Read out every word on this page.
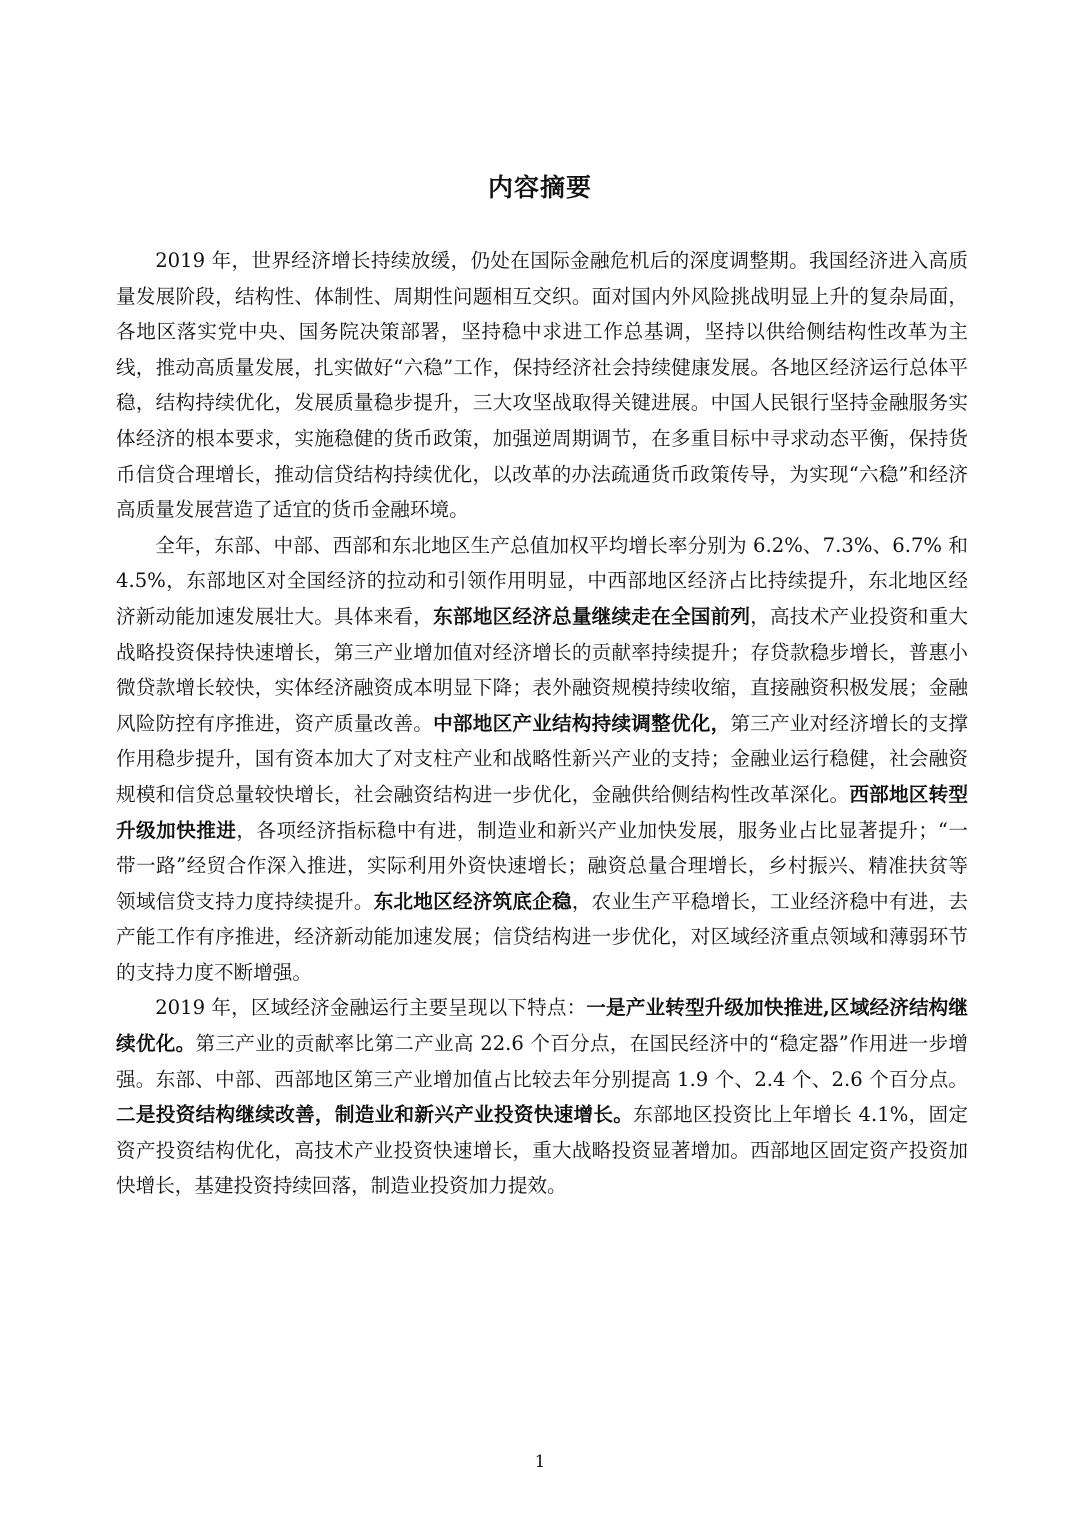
内容摘要

2019 年，世界经济增长持续放缓，仍处在国际金融危机后的深度调整期。我国经济进入高质量发展阶段，结构性、体制性、周期性问题相互交织。面对国内外风险挑战明显上升的复杂局面，各地区落实党中央、国务院决策部署，坚持稳中求进工作总基调，坚持以供给侧结构性改革为主线，推动高质量发展，扎实做好“六稳”工作，保持经济社会持续健康发展。各地区经济运行总体平稳，结构持续优化，发展质量稳步提升，三大攻坚战取得关键进展。中国人民银行坚持金融服务实体经济的根本要求，实施稳健的货币政策，加强逆周期调节，在多重目标中寻求动态平衡，保持货币信贷合理增长，推动信贷结构持续优化，以改革的办法疏通货币政策传导，为实现“六稳”和经济高质量发展营造了适宜的货币金融环境。

全年，东部、中部、西部和东北地区生产总值加权平均增长率分别为 6.2%、7.3%、6.7% 和 4.5%，东部地区对全国经济的拉动和引领作用明显，中西部地区经济占比持续提升，东北地区经济新动能加速发展壮大。具体来看，东部地区经济总量继续走在全国前列，高技术产业投资和重大战略投资保持快速增长，第三产业增加值对经济增长的贡献率持续提升；存贷款稳步增长，普惠小微贷款增长较快，实体经济融资成本明显下降；表外融资规模持续收缩，直接融资积极发展；金融风险防控有序推进，资产质量改善。中部地区产业结构持续调整优化，第三产业对经济增长的支撑作用稳步提升，国有资本加大了对支柱产业和战略性新兴产业的支持；金融业运行稳健，社会融资规模和信贷总量较快增长，社会融资结构进一步优化，金融供给侧结构性改革深化。西部地区转型升级加快推进，各项经济指标稳中有进，制造业和新兴产业加快发展，服务业占比显著提升；“一带一路”经贸合作深入推进，实际利用外资快速增长；融资总量合理增长，乡村振兴、精准扶贫等领域信贷支持力度持续提升。东北地区经济筑底企稳，农业生产平稳增长，工业经济稳中有进，去产能工作有序推进，经济新动能加速发展；信贷结构进一步优化，对区域经济重点领域和薄弱环节的支持力度不断增强。

2019 年，区域经济金融运行主要呈现以下特点：一是产业转型升级加快推进,区域经济结构继续优化。第三产业的贡献率比第二产业高 22.6 个百分点，在国民经济中的“稳定器”作用进一步增强。东部、中部、西部地区第三产业增加值占比较去年分别提高 1.9 个、2.4 个、2.6 个百分点。二是投资结构继续改善，制造业和新兴产业投资快速增长。东部地区投资比上年增长 4.1%，固定资产投资结构优化，高技术产业投资快速增长，重大战略投资显著增加。西部地区固定资产投资加快增长，基建投资持续回落，制造业投资加力提效。

1
